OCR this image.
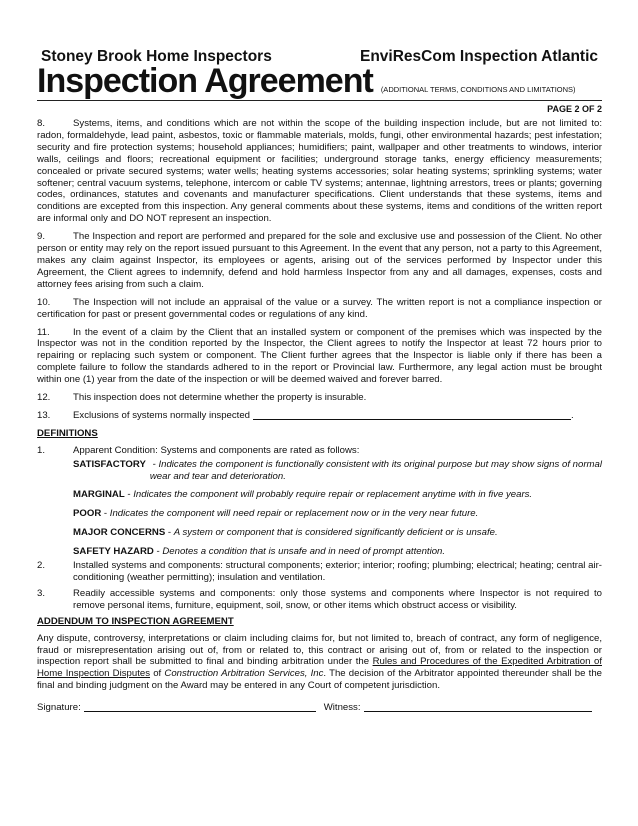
Stoney Brook Home Inspectors	EnviResCom Inspection Atlantic
Inspection Agreement (ADDITIONAL TERMS, CONDITIONS AND LIMITATIONS)
PAGE 2 OF 2

8.	Systems, items, and conditions which are not within the scope of the building inspection include, but are not limited to: radon, formaldehyde, lead paint, asbestos, toxic or flammable materials, molds, fungi, other environmental hazards; pest infestation; security and fire protection systems; household appliances; humidifiers; paint, wallpaper and other treatments to windows, interior walls, ceilings and floors; recreational equipment or facilities; underground storage tanks, energy efficiency measurements; concealed or private secured systems; water wells; heating systems accessories; solar heating systems; sprinkling systems; water softener; central vacuum systems, telephone, intercom or cable TV systems; antennae, lightning arrestors, trees or plants; governing codes, ordinances, statutes and covenants and manufacturer specifications. Client understands that these systems, items and conditions are excepted from this inspection. Any general comments about these systems, items and conditions of the written report are informal only and DO NOT represent an inspection.

9.	The Inspection and report are performed and prepared for the sole and exclusive use and possession of the Client. No other person or entity may rely on the report issued pursuant to this Agreement. In the event that any person, not a party to this Agreement, makes any claim against Inspector, its employees or agents, arising out of the services performed by Inspector under this Agreement, the Client agrees to indemnify, defend and hold harmless Inspector from any and all damages, expenses, costs and attorney fees arising from such a claim.

10. The Inspection will not include an appraisal of the value or a survey. The written report is not a compliance inspection or certification for past or present governmental codes or regulations of any kind.

11. In the event of a claim by the Client that an installed system or component of the premises which was inspected by the Inspector was not in the condition reported by the Inspector, the Client agrees to notify the Inspector at least 72 hours prior to repairing or replacing such system or component. The Client further agrees that the Inspector is liable only if there has been a complete failure to follow the standards adhered to in the report or Provincial law. Furthermore, any legal action must be brought within one (1) year from the date of the inspection or will be deemed waived and forever barred.

12.	This inspection does not determine whether the property is insurable.
13.	Exclusions of systems normally inspected	.
DEFINITIONS
1.	Apparent Condition: Systems and components are rated as follows:
SATISFACTORY - Indicates the component is functionally consistent with its original purpose but may show signs of normal wear and tear and deterioration.
MARGINAL - Indicates the component will probably require repair or replacement anytime with in five years.
POOR - Indicates the component will need repair or replacement now or in the very near future.
MAJOR CONCERNS - A system or component that is considered significantly deficient or is unsafe.
SAFETY HAZARD - Denotes a condition that is unsafe and in need of prompt attention.
2.	Installed systems and components: structural components; exterior; interior; roofing; plumbing; electrical; heating; central air-conditioning (weather permitting); insulation and ventilation.
3.	Readily accessible systems and components: only those systems and components where Inspector is not required to remove personal items, furniture, equipment, soil, snow, or other items which obstruct access or visibility.
ADDENDUM TO INSPECTION AGREEMENT

Any dispute, controversy, interpretations or claim including claims for, but not limited to, breach of contract, any form of negligence, fraud or misrepresentation arising out of, from or related to, this contract or arising out of, from or related to the inspection or inspection report shall be submitted to final and binding arbitration under the Rules and Procedures of the Expedited Arbitration of Home Inspection Disputes of Construction Arbitration Services, Inc. The decision of the Arbitrator appointed thereunder shall be the final and binding judgment on the Award may be entered in any Court of competent jurisdiction.

Signature:	Witness:
